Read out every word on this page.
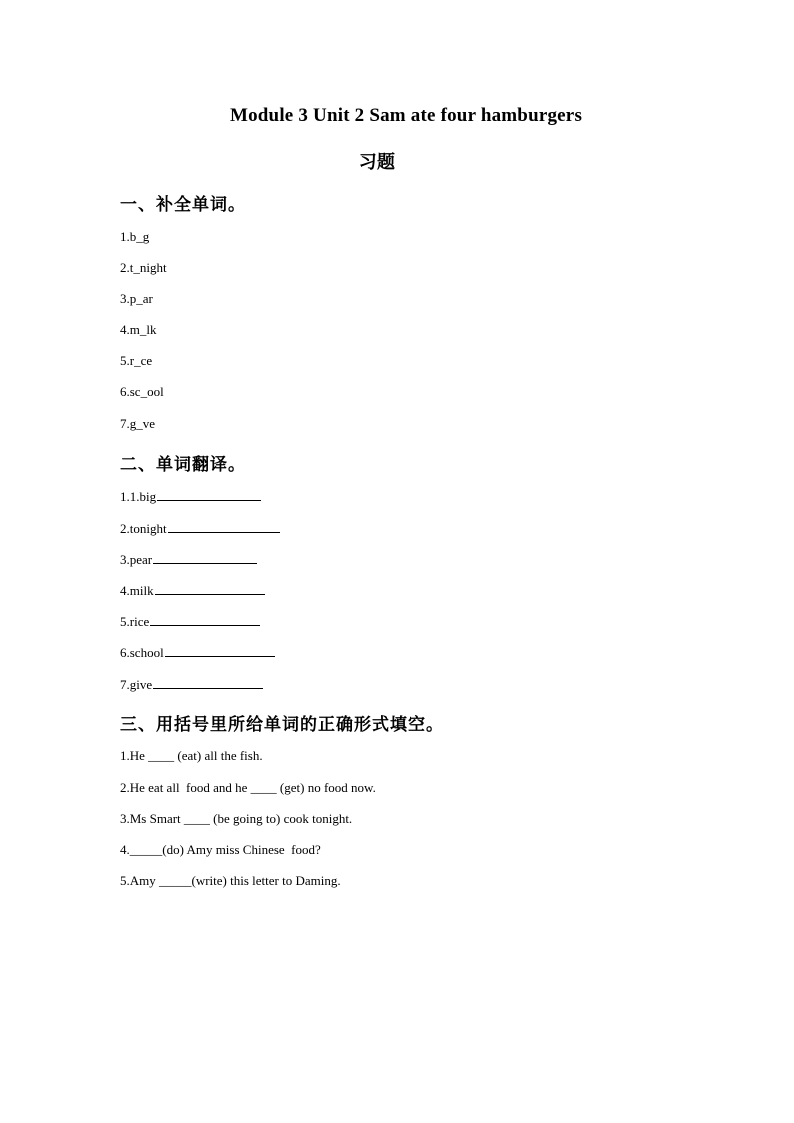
Module 3 Unit 2 Sam ate four hamburgers
习题
一、补全单词。
1.b_g
2.t_night
3.p_ar
4.m_lk
5.r_ce
6.sc_ool
7.g_ve
二、单词翻译。
1.1.big
2.tonight
3.pear
4.milk
5.rice
6.school
7.give
三、用括号里所给单词的正确形式填空。
1.He ____ (eat) all the fish.
2.He eat all  food and he ____ (get) no food now.
3.Ms Smart ____ (be going to) cook tonight.
4._____(do) Amy miss Chinese  food?
5.Amy _____(write) this letter to Daming.
